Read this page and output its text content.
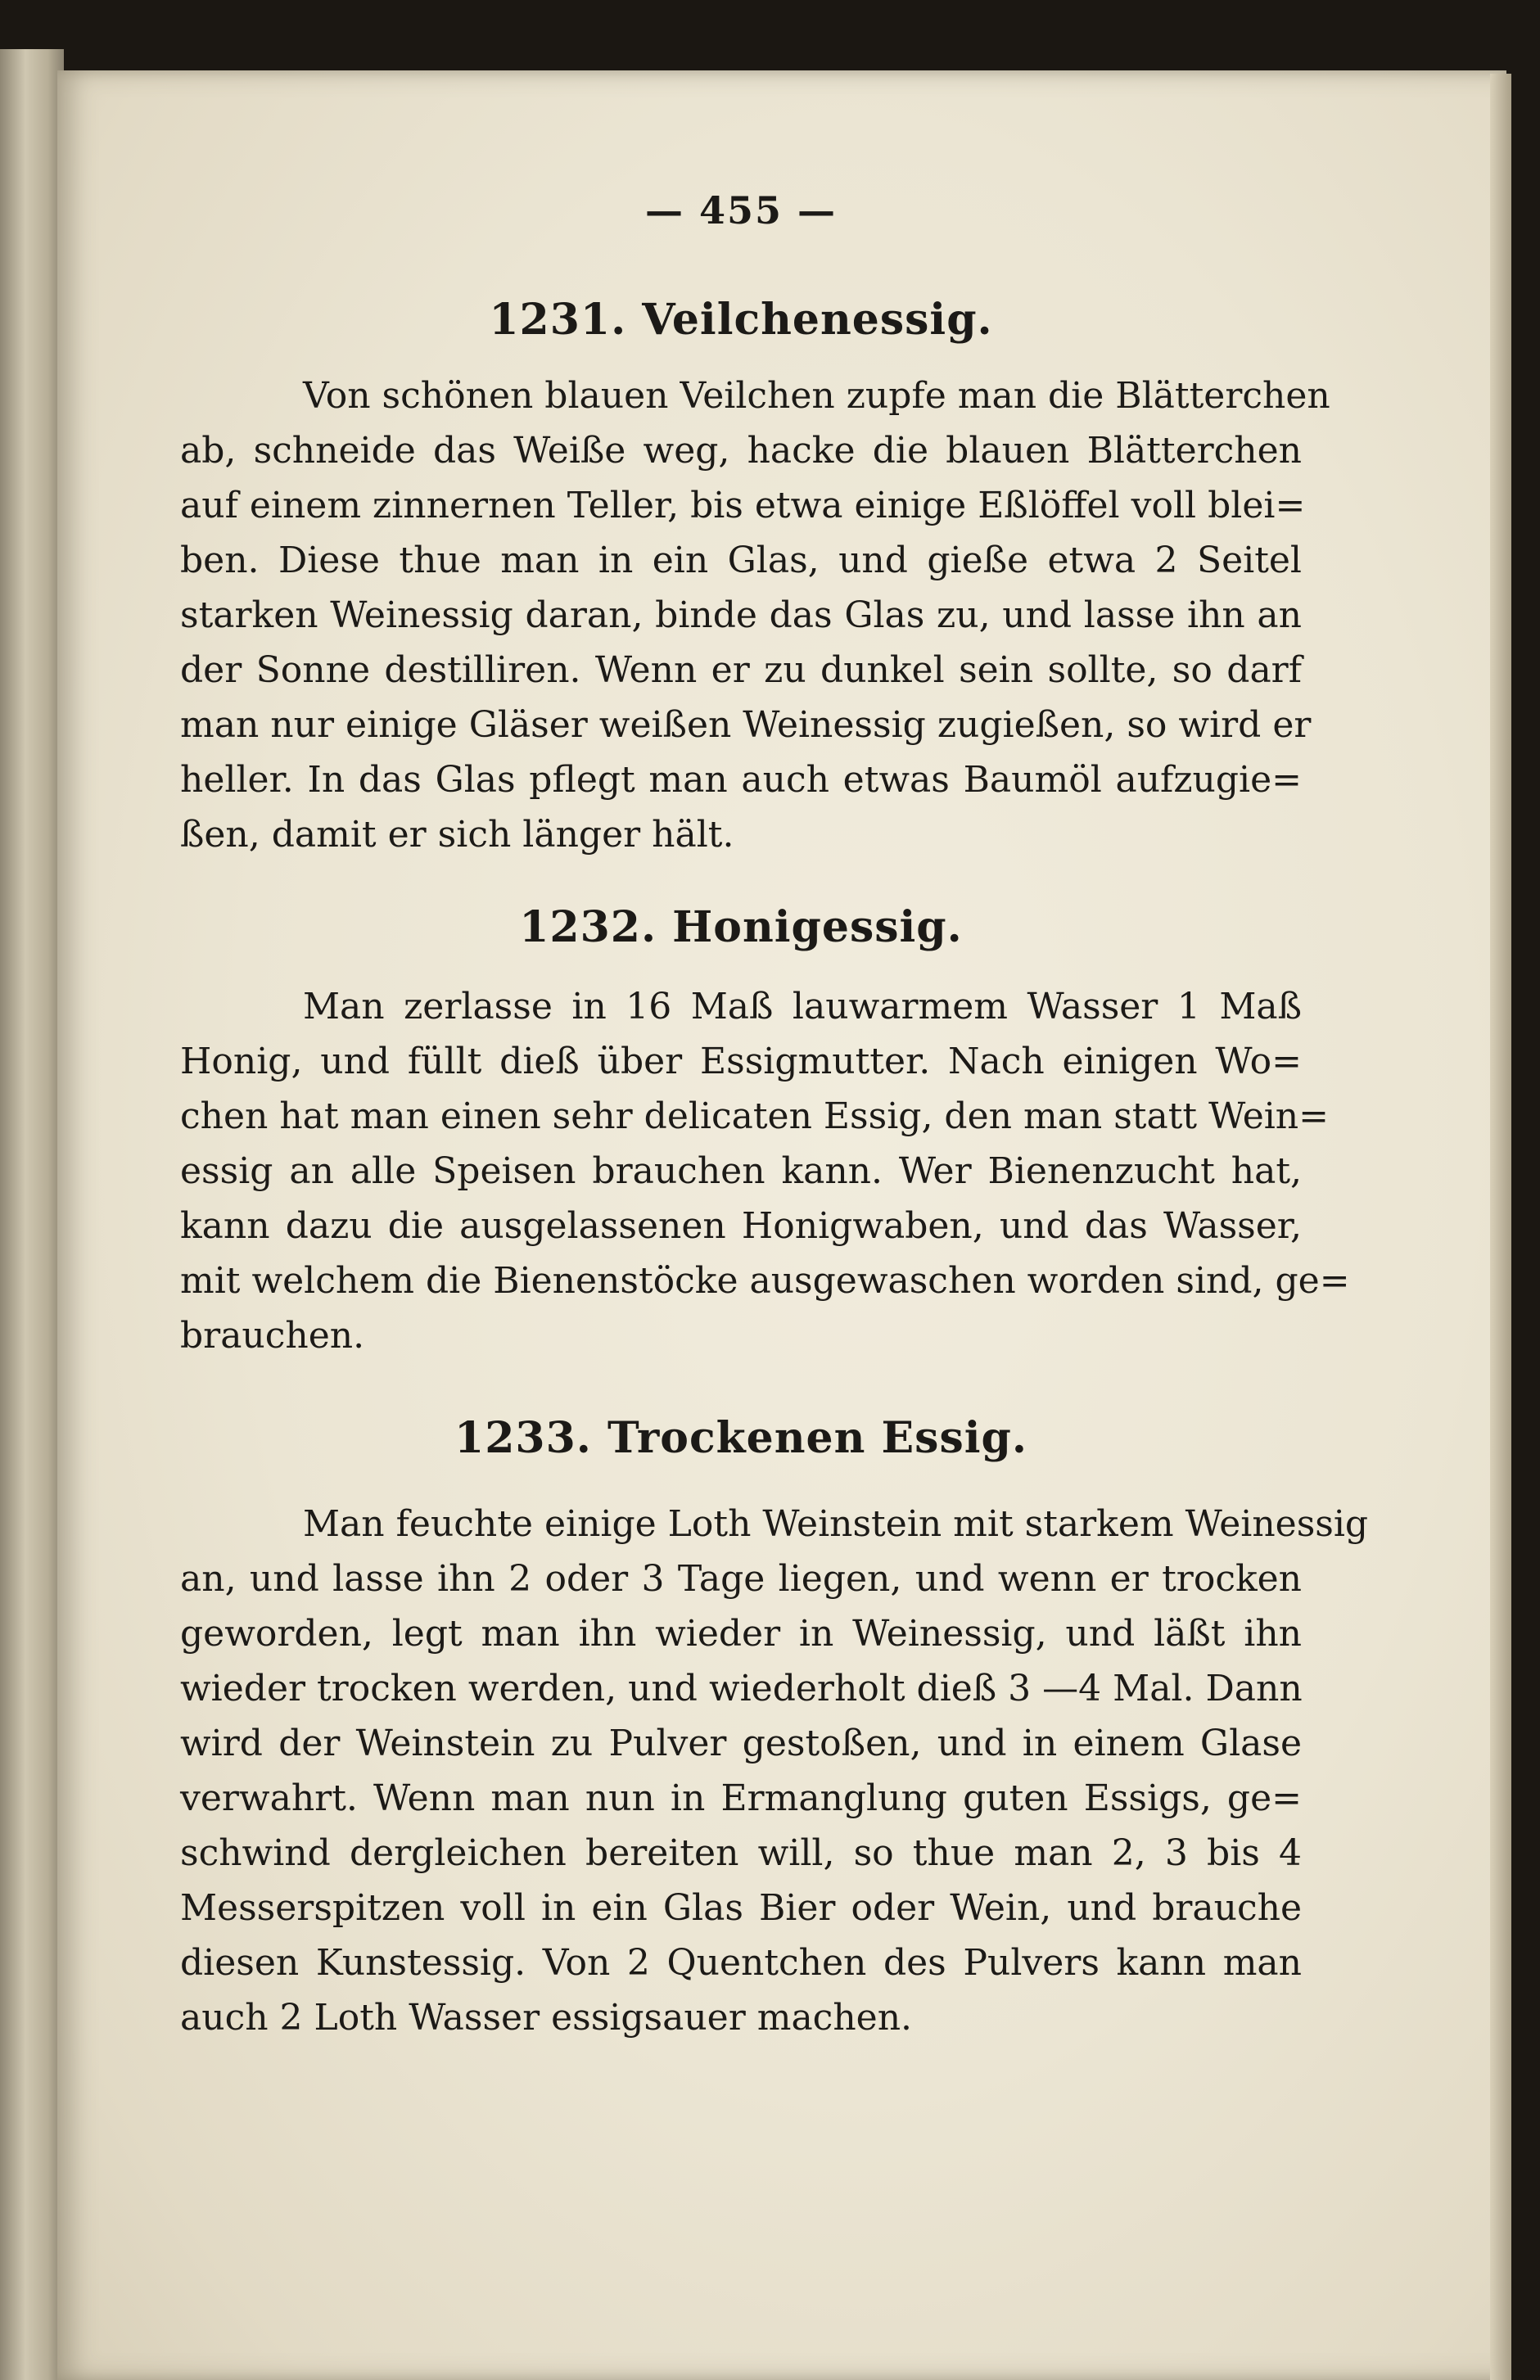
— 455 —
1231. Veilchenessig.
Von schönen blauen Veilchen zupfe man die Blätterchen
ab, schneide das Weiße weg, hacke die blauen Blätterchen
auf einem zinnernen Teller, bis etwa einige Eßlöffel voll blei=
ben. Diese thue man in ein Glas, und gieße etwa 2 Seitel
starken Weinessig daran, binde das Glas zu, und lasse ihn an
der Sonne destilliren. Wenn er zu dunkel sein sollte, so darf
man nur einige Gläser weißen Weinessig zugießen, so wird er
heller. In das Glas pflegt man auch etwas Baumöl aufzugie=
ßen, damit er sich länger hält.
1232. Honigessig.
Man zerlasse in 16 Maß lauwarmem Wasser 1 Maß
Honig, und füllt dieß über Essigmutter. Nach einigen Wo=
chen hat man einen sehr delicaten Essig, den man statt Wein=
essig an alle Speisen brauchen kann. Wer Bienenzucht hat,
kann dazu die ausgelassenen Honigwaben, und das Wasser,
mit welchem die Bienenstöcke ausgewaschen worden sind, ge=
brauchen.
1233. Trockenen Essig.
Man feuchte einige Loth Weinstein mit starkem Weinessig
an, und lasse ihn 2 oder 3 Tage liegen, und wenn er trocken
geworden, legt man ihn wieder in Weinessig, und läßt ihn
wieder trocken werden, und wiederholt dieß 3 —4 Mal. Dann
wird der Weinstein zu Pulver gestoßen, und in einem Glase
verwahrt. Wenn man nun in Ermanglung guten Essigs, ge=
schwind dergleichen bereiten will, so thue man 2, 3 bis 4
Messerspitzen voll in ein Glas Bier oder Wein, und brauche
diesen Kunstessig. Von 2 Quentchen des Pulvers kann man
auch 2 Loth Wasser essigsauer machen.
